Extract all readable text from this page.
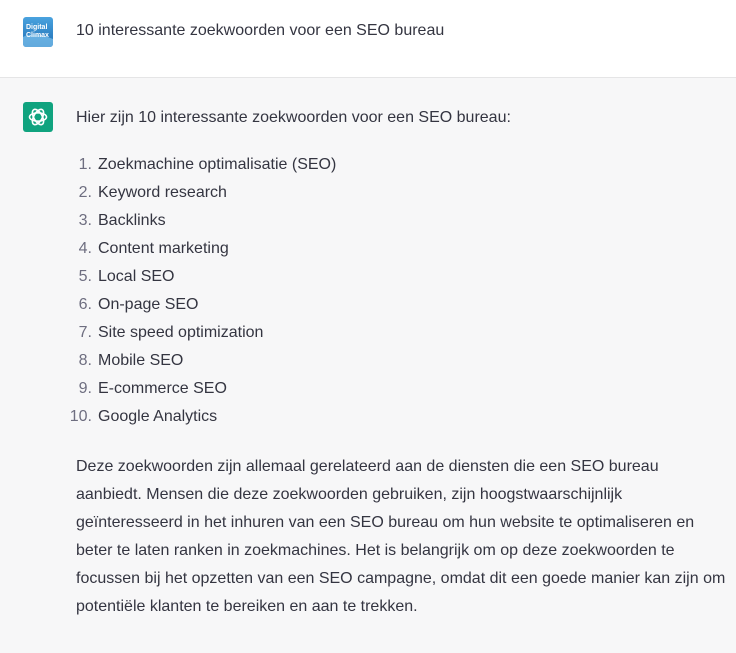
Digital
Climax 10 interessante zoekwoorden voor een SEO bureau
Hier zijn 10 interessante zoekwoorden voor een SEO bureau:
1. Zoekmachine optimalisatie (SEO)
2. Keyword research
3. Backlinks
4. Content marketing
5. Local SEO
6. On-page SEO
7. Site speed optimization
8. Mobile SEO
9. E-commerce SEO
10. Google Analytics

Deze zoekwoorden zijn allemaal gerelateerd aan de diensten die een SEO bureau aanbiedt. Mensen die deze zoekwoorden gebruiken, zijn hoogstwaarschijnlijk geïnteresseerd in het inhuren van een SEO bureau om hun website te optimaliseren en beter te laten ranken in zoekmachines. Het is belangrijk om op deze zoekwoorden te focussen bij het opzetten van een SEO campagne, omdat dit een goede manier kan zijn om potentiële klanten te bereiken en aan te trekken.
